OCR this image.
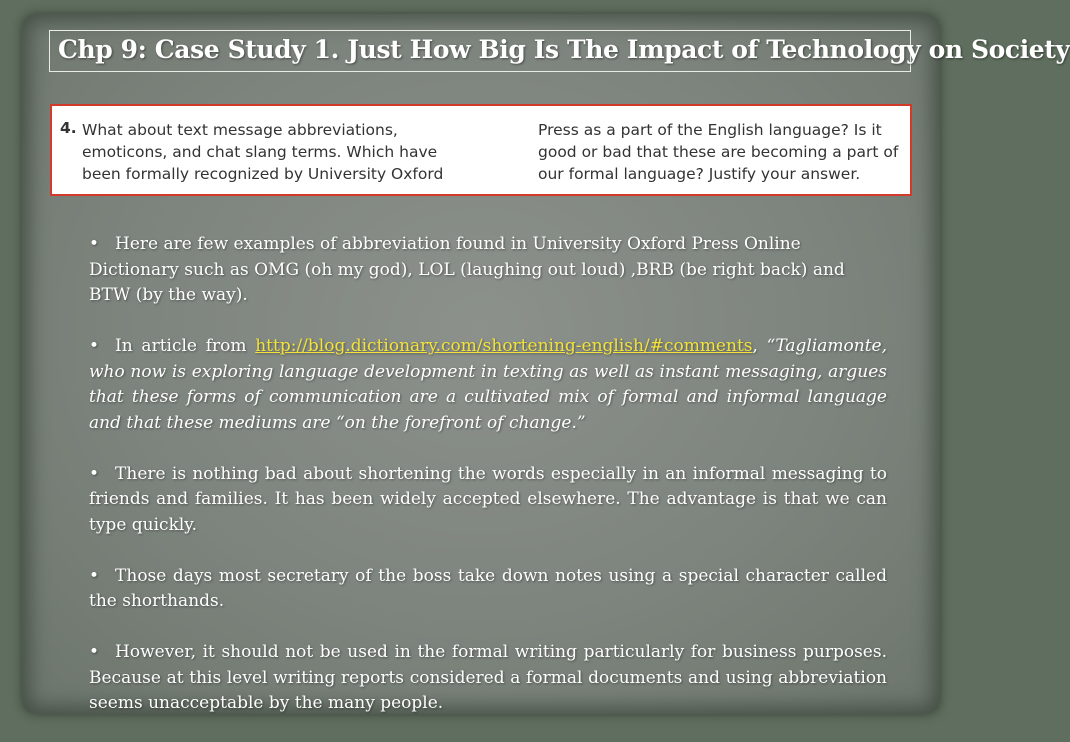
Chp 9: Case Study 1. Just How Big Is The Impact of Technology on Society
4. What about text message abbreviations,
emoticons, and chat slang terms. Which have
been formally recognized by University Oxford
Press as a part of the English language? Is it
good or bad that these are becoming a part of
our formal language? Justify your answer.

• Here are few examples of abbreviation found in University Oxford Press Online Dictionary such as OMG (oh my god), LOL (laughing out loud) ,BRB (be right back) and BTW (by the way).

• In article from http://blog.dictionary.com/shortening-english/#comments, “Tagliamonte, who now is exploring language development in texting as well as instant messaging, argues that these forms of communication are a cultivated mix of formal and informal language and that these mediums are “on the forefront of change.”

• There is nothing bad about shortening the words especially in an informal messaging to friends and families. It has been widely accepted elsewhere. The advantage is that we can type quickly.

• Those days most secretary of the boss take down notes using a special character called the shorthands.

• However, it should not be used in the formal writing particularly for business purposes. Because at this level writing reports considered a formal documents and using abbreviation seems unacceptable by the many people.
